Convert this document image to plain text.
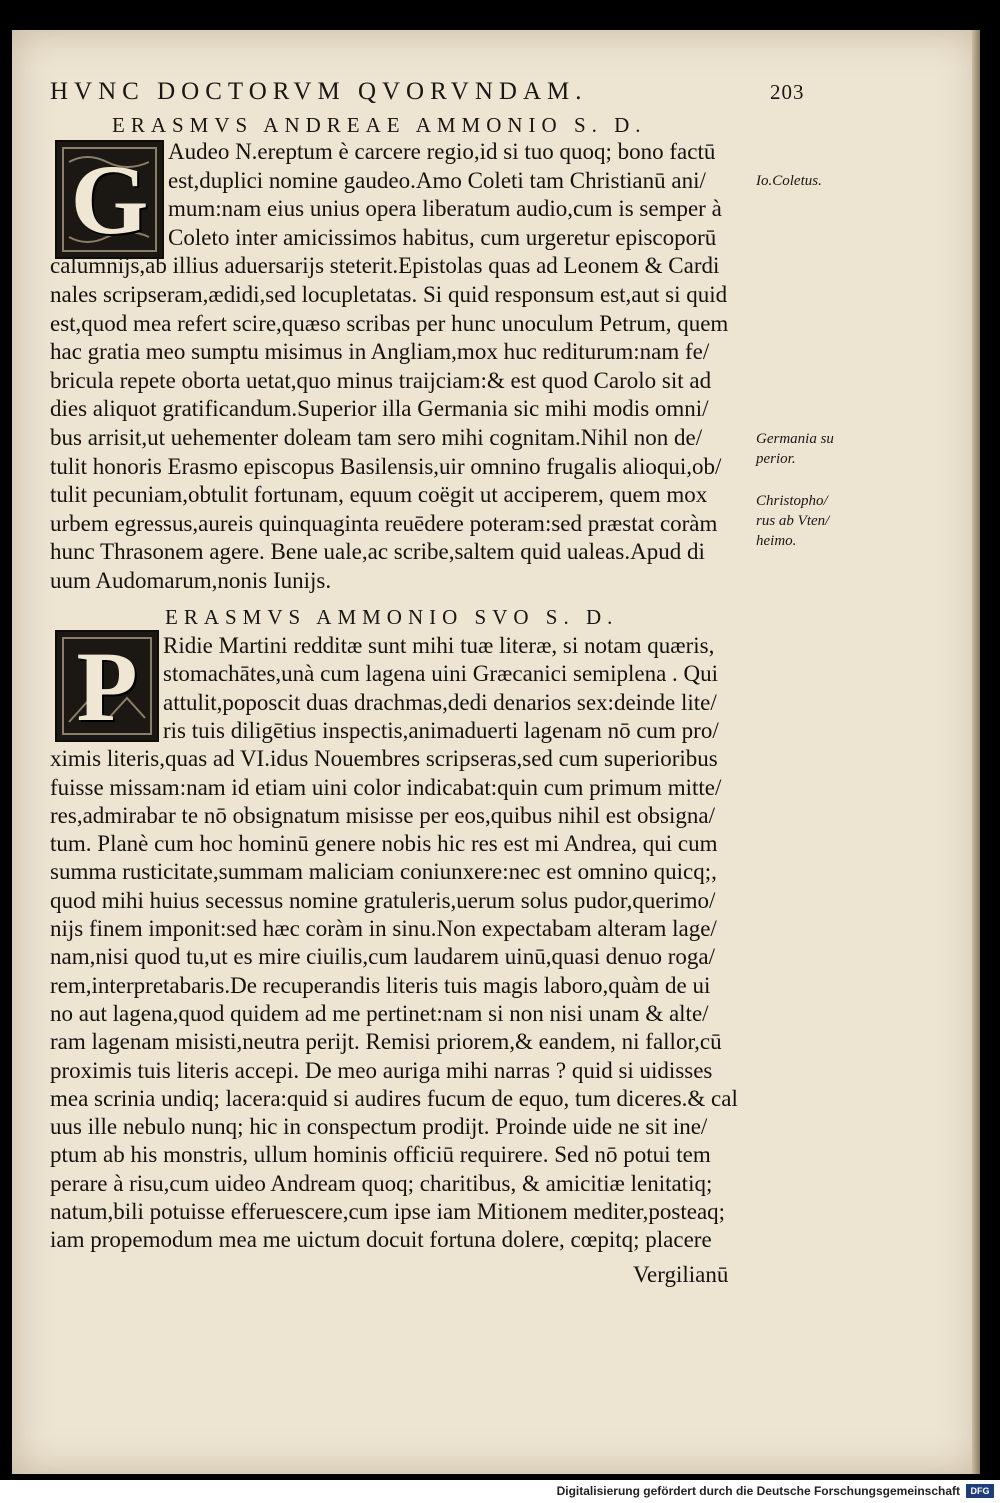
HVNC DOCTORVM QVORVNDAM.	203
ERASMVS ANDREAE AMMONIO S. D.
G Audeo N.ereptum è carcere regio,id si tuo quoq; bono factū
est,duplici nomine gaudeo.Amo Coleti tam Christianū ani/
mum:nam eius unius opera liberatum audio,cum is semper à
Coleto inter amicissimos habitus, cum urgeretur episcoporū
calumnijs,ab illius aduersarijs steterit.Epistolas quas ad Leonem & Cardi
nales scripseram,ædidi,sed locupletatas. Si quid responsum est,aut si quid
est,quod mea refert scire,quæso scribas per hunc unoculum Petrum, quem
hac gratia meo sumptu misimus in Angliam,mox huc rediturum:nam fe/
bricula repete oborta uetat,quo minus traijciam:& est quod Carolo sit ad
dies aliquot gratificandum.Superior illa Germania sic mihi modis omni/
bus arrisit,ut uehementer doleam tam sero mihi cognitam.Nihil non de/
tulit honoris Erasmo episcopus Basilensis,uir omnino frugalis alioqui,ob/
tulit pecuniam,obtulit fortunam, equum coëgit ut acciperem, quem mox
urbem egressus,aureis quinquaginta reuēdere poteram:sed præstat coràm
hunc Thrasonem agere. Bene uale,ac scribe,saltem quid ualeas.Apud di
uum Audomarum,nonis Iunijs.
ERASMVS AMMONIO SVO S. D.
P Ridie Martini redditæ sunt mihi tuæ literæ, si notam quæris,
stomachātes,unà cum lagena uini Græcanici semiplena . Qui
attulit,poposcit duas drachmas,dedi denarios sex:deinde lite/
ris tuis diligētius inspectis,animaduerti lagenam nō cum pro/
ximis literis,quas ad VI.idus Nouembres scripseras,sed cum superioribus
fuisse missam:nam id etiam uini color indicabat:quin cum primum mitte/
res,admirabar te nō obsignatum misisse per eos,quibus nihil est obsigna/
tum. Planè cum hoc hominū genere nobis hic res est mi Andrea, qui cum
summa rusticitate,summam maliciam coniunxere:nec est omnino quicq;,
quod mihi huius secessus nomine gratuleris,uerum solus pudor,querimo/
nijs finem imponit:sed hæc coràm in sinu.Non expectabam alteram lage/
nam,nisi quod tu,ut es mire ciuilis,cum laudarem uinū,quasi denuo roga/
rem,interpretabaris.De recuperandis literis tuis magis laboro,quàm de ui
no aut lagena,quod quidem ad me pertinet:nam si non nisi unam & alte/
ram lagenam misisti,neutra perijt. Remisi priorem,& eandem, ni fallor,cū
proximis tuis literis accepi. De meo auriga mihi narras ? quid si uidisses
mea scrinia undiq; lacera:quid si audires fucum de equo, tum diceres.& cal
uus ille nebulo nunq; hic in conspectum prodijt. Proinde uide ne sit ine/
ptum ab his monstris, ullum hominis officiū requirere. Sed nō potui tem
perare à risu,cum uideo Andream quoq; charitibus, & amicitiæ lenitatiq;
natum,bili potuisse efferuescere,cum ipse iam Mitionem mediter,posteaq;
iam propemodum mea me uictum docuit fortuna dolere, cœpitq; placere
Vergilianū
Io.Coletus.
Germania su
perior.
Christopho/
rus ab Vten/
heimo.
Digitalisierung gefördert durch die Deutsche Forschungsgemeinschaft	DFG
